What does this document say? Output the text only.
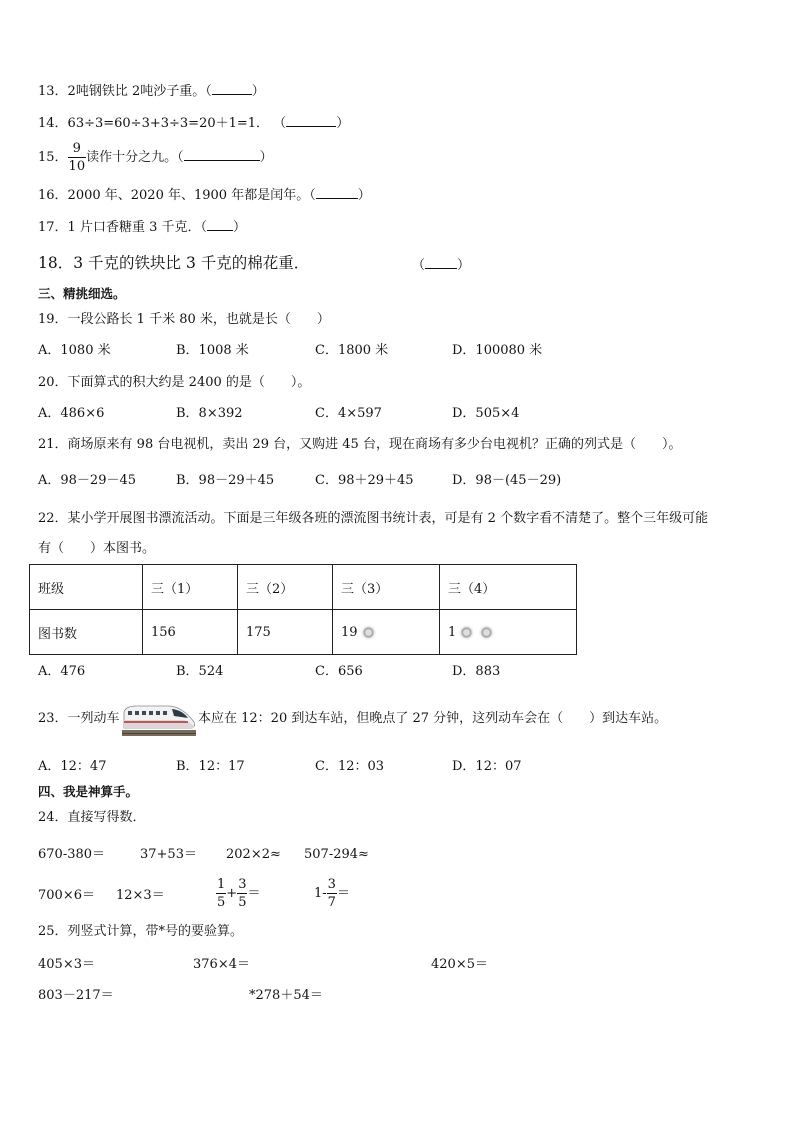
13．2吨钢铁比 2吨沙子重。（	）
14．63÷3=60÷3+3÷3=20＋1=1． （	）
15． $\frac{9}{10}$ 读作十分之九。（	）
16．2000 年、2020 年、1900 年都是闰年。（	）
17．1 片口香糖重 3 千克．（ ）
18．3 千克的铁块比 3 千克的棉花重．	（ ）
三、精挑细选。
19．一段公路长 1 千米 80 米，也就是长（　　）
A．1080 米	B．1008 米	C．1800 米	D．100080 米
20．下面算式的积大约是 2400 的是（　　）。
A．486×6	B．8×392	C．4×597	D．505×4
21．商场原来有 98 台电视机，卖出 29 台，又购进 45 台，现在商场有多少台电视机？正确的列式是（　　）。
A．98－29－45	B．98－29＋45	C．98＋29＋45	D．98－(45－29)
22．某小学开展图书漂流活动。下面是三年级各班的漂流图书统计表，可是有 2 个数字看不清楚了。整个三年级可能
有（　　）本图书。
班级	三（1）	三（2）	三（3）	三（4）
图书数	156	175	19	1
A．476	B．524	C．656	D．883
23．一列动车	本应在 12：20 到达车站，但晚点了 27 分钟，这列动车会在（　　）到达车站。
A．12：47	B．12：17	C．12：03	D．12：07
四、我是神算手。
24．直接写得数．
670-380＝	37+53＝ 202×2≈ 507-294≈
700×6＝ 12×3＝	$\frac{1}{5} + \frac{3}{5}$ ＝	$1- \frac{3}{7}$ ＝
25．列竖式计算，带*号的要验算。
405×3＝	376×4＝	420×5＝
803－217＝	*278＋54＝
